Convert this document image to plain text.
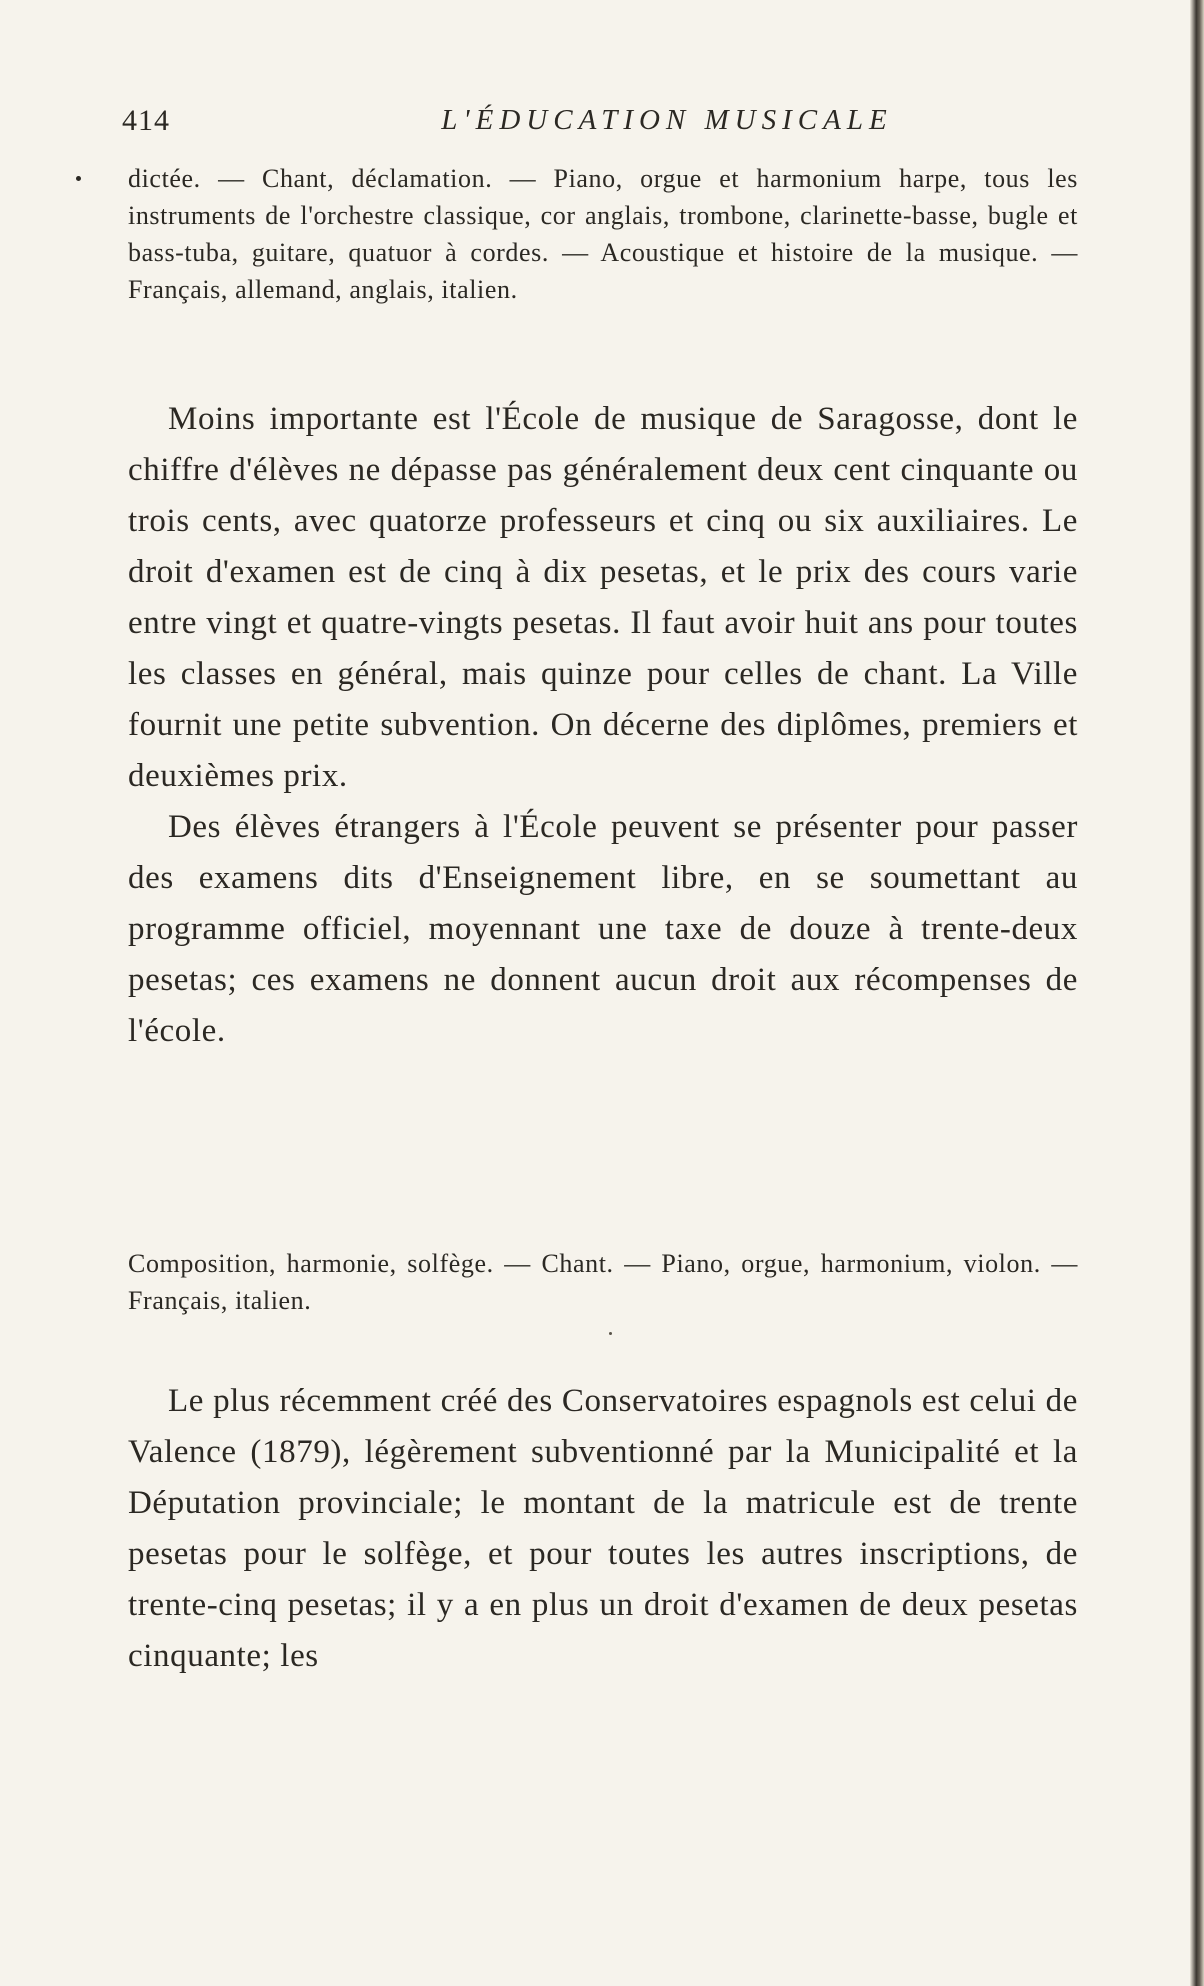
414	L'ÉDUCATION MUSICALE

dictée. — Chant, déclamation. — Piano, orgue et harmonium harpe, tous les instruments de l'orchestre classique, cor anglais, trombone, clarinette-basse, bugle et bass-tuba, guitare, quatuor à cordes. — Acoustique et histoire de la musique. — Français, allemand, anglais, italien.

Moins importante est l'École de musique de Saragosse, dont le chiffre d'élèves ne dépasse pas généralement deux cent cinquante ou trois cents, avec quatorze professeurs et cinq ou six auxiliaires. Le droit d'examen est de cinq à dix pesetas, et le prix des cours varie entre vingt et quatre-vingts pesetas. Il faut avoir huit ans pour toutes les classes en général, mais quinze pour celles de chant. La Ville fournit une petite subvention. On décerne des diplômes, premiers et deuxièmes prix.

Des élèves étrangers à l'École peuvent se présenter pour passer des examens dits d'Enseignement libre, en se soumettant au programme officiel, moyennant une taxe de douze à trente-deux pesetas; ces examens ne donnent aucun droit aux récompenses de l'école.

Composition, harmonie, solfège. — Chant. — Piano, orgue, harmonium, violon. — Français, italien.

Le plus récemment créé des Conservatoires espagnols est celui de Valence (1879), légèrement subventionné par la Municipalité et la Députation provinciale; le montant de la matricule est de trente pesetas pour le solfège, et pour toutes les autres inscriptions, de trente-cinq pesetas; il y a en plus un droit d'examen de deux pesetas cinquante; les
